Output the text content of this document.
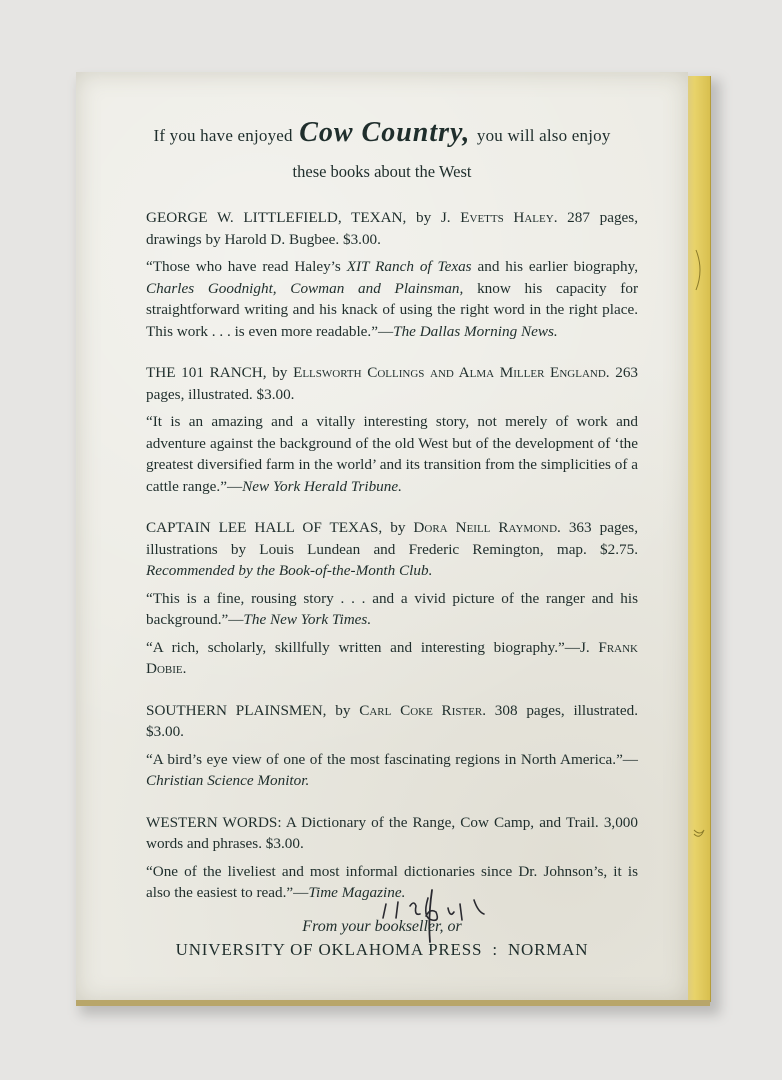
If you have enjoyed Cow Country, you will also enjoy
these books about the West

GEORGE W. LITTLEFIELD, TEXAN, by J. Evetts Haley. 287 pages, drawings by Harold D. Bugbee. $3.00.

“Those who have read Haley’s XIT Ranch of Texas and his earlier biography, Charles Goodnight, Cowman and Plainsman, know his capacity for straightforward writing and his knack of using the right word in the right place. This work . . . is even more readable.”—The Dallas Morning News.

THE 101 RANCH, by Ellsworth Collings and Alma Miller England. 263 pages, illustrated. $3.00.

“It is an amazing and a vitally interesting story, not merely of work and adventure against the background of the old West but of the development of ‘the greatest diversified farm in the world’ and its transition from the simplicities of a cattle range.”—New York Herald Tribune.

CAPTAIN LEE HALL OF TEXAS, by Dora Neill Raymond. 363 pages, illustrations by Louis Lundean and Frederic Remington, map. $2.75. Recommended by the Book-of-the-Month Club.

“This is a fine, rousing story . . . and a vivid picture of the ranger and his background.”—The New York Times.

“A rich, scholarly, skillfully written and interesting biography.”—J. Frank Dobie.

SOUTHERN PLAINSMEN, by Carl Coke Rister. 308 pages, illustrated. $3.00.

“A bird’s eye view of one of the most fascinating regions in North America.”—Christian Science Monitor.

WESTERN WORDS: A Dictionary of the Range, Cow Camp, and Trail. 3,000 words and phrases. $3.00.

“One of the liveliest and most informal dictionaries since Dr. Johnson’s, it is also the easiest to read.”—Time Magazine.

From your bookseller, or
UNIVERSITY OF OKLAHOMA PRESS : NORMAN
